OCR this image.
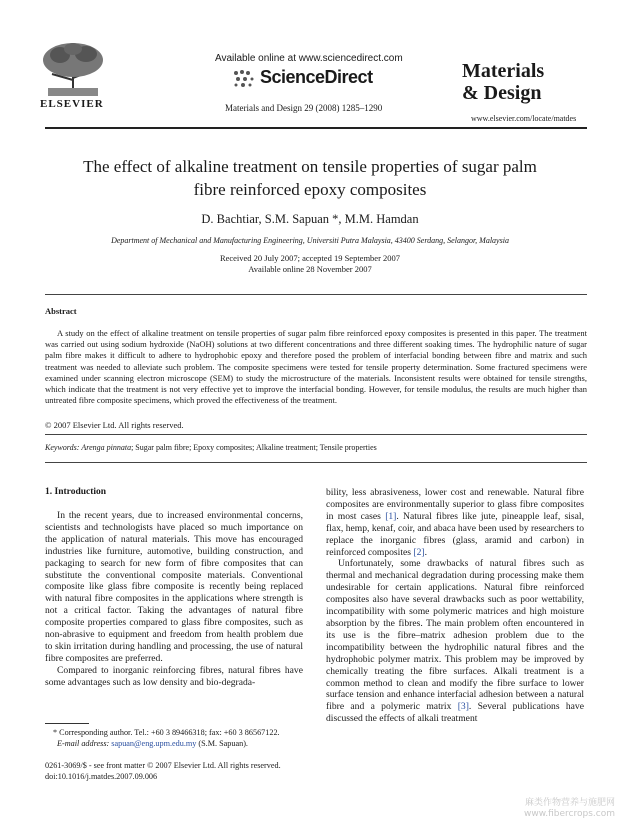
ELSEVIER
Available online at www.sciencedirect.com
ScienceDirect
Materials and Design 29 (2008) 1285–1290
Materials
& Design
www.elsevier.com/locate/matdes
The effect of alkaline treatment on tensile properties of sugar palm
fibre reinforced epoxy composites
D. Bachtiar, S.M. Sapuan *, M.M. Hamdan
Department of Mechanical and Manufacturing Engineering, Universiti Putra Malaysia, 43400 Serdang, Selangor, Malaysia
Received 20 July 2007; accepted 19 September 2007
Available online 28 November 2007
Abstract

A study on the effect of alkaline treatment on tensile properties of sugar palm fibre reinforced epoxy composites is presented in this paper. The treatment was carried out using sodium hydroxide (NaOH) solutions at two different concentrations and three different soaking times. The hydrophilic nature of sugar palm fibre makes it difficult to adhere to hydrophobic epoxy and therefore posed the problem of interfacial bonding between fibre and matrix and such treatment was needed to alleviate such problem. The composite specimens were tested for tensile property determination. Some fractured specimens were examined under scanning electron microscope (SEM) to study the microstructure of the materials. Inconsistent results were obtained for tensile strengths, which indicate that the treatment is not very effective yet to improve the interfacial bonding. However, for tensile modulus, the results are much higher than untreated fibre composite specimens, which proved the effectiveness of the treatment.

© 2007 Elsevier Ltd. All rights reserved.
Keywords: Arenga pinnata; Sugar palm fibre; Epoxy composites; Alkaline treatment; Tensile properties
1. Introduction

In the recent years, due to increased environmental concerns, scientists and technologists have placed so much importance on the application of natural materials. This move has encouraged industries like furniture, automotive, building construction, and packaging to search for new form of fibre composites that can substitute the conventional composite materials. Conventional composite like glass fibre composite is recently being replaced with natural fibre composites in the applications where strength is not a critical factor. Taking the advantages of natural fibre composite properties compared to glass fibre composites, such as non-abrasive to equipment and freedom from health problem due to skin irritation during handling and processing, the use of natural fibre composites are preferred.

Compared to inorganic reinforcing fibres, natural fibres have some advantages such as low density and bio-degrada-

bility, less abrasiveness, lower cost and renewable. Natural fibre composites are environmentally superior to glass fibre composites in most cases [1]. Natural fibres like jute, pineapple leaf, sisal, flax, hemp, kenaf, coir, and abaca have been used by researchers to replace the inorganic fibres (glass, aramid and carbon) in reinforced composites [2].

Unfortunately, some drawbacks of natural fibres such as thermal and mechanical degradation during processing make them undesirable for certain applications. Natural fibre reinforced composites also have several drawbacks such as poor wettability, incompatibility with some polymeric matrices and high moisture absorption by the fibres. The main problem often encountered in its use is the fibre–matrix adhesion problem due to the incompatibility between the hydrophilic natural fibres and the hydrophobic polymer matrix. This problem may be improved by chemically treating the fibre surfaces. Alkali treatment is a common method to clean and modify the fibre surface to lower surface tension and enhance interfacial adhesion between a natural fibre and a polymeric matrix [3]. Several publications have discussed the effects of alkali treatment

* Corresponding author. Tel.: +60 3 89466318; fax: +60 3 86567122.
E-mail address: sapuan@eng.upm.edu.my (S.M. Sapuan).
0261-3069/$ - see front matter © 2007 Elsevier Ltd. All rights reserved.
doi:10.1016/j.matdes.2007.09.006
麻类作物营养与施肥网
www.fibercrops.com
